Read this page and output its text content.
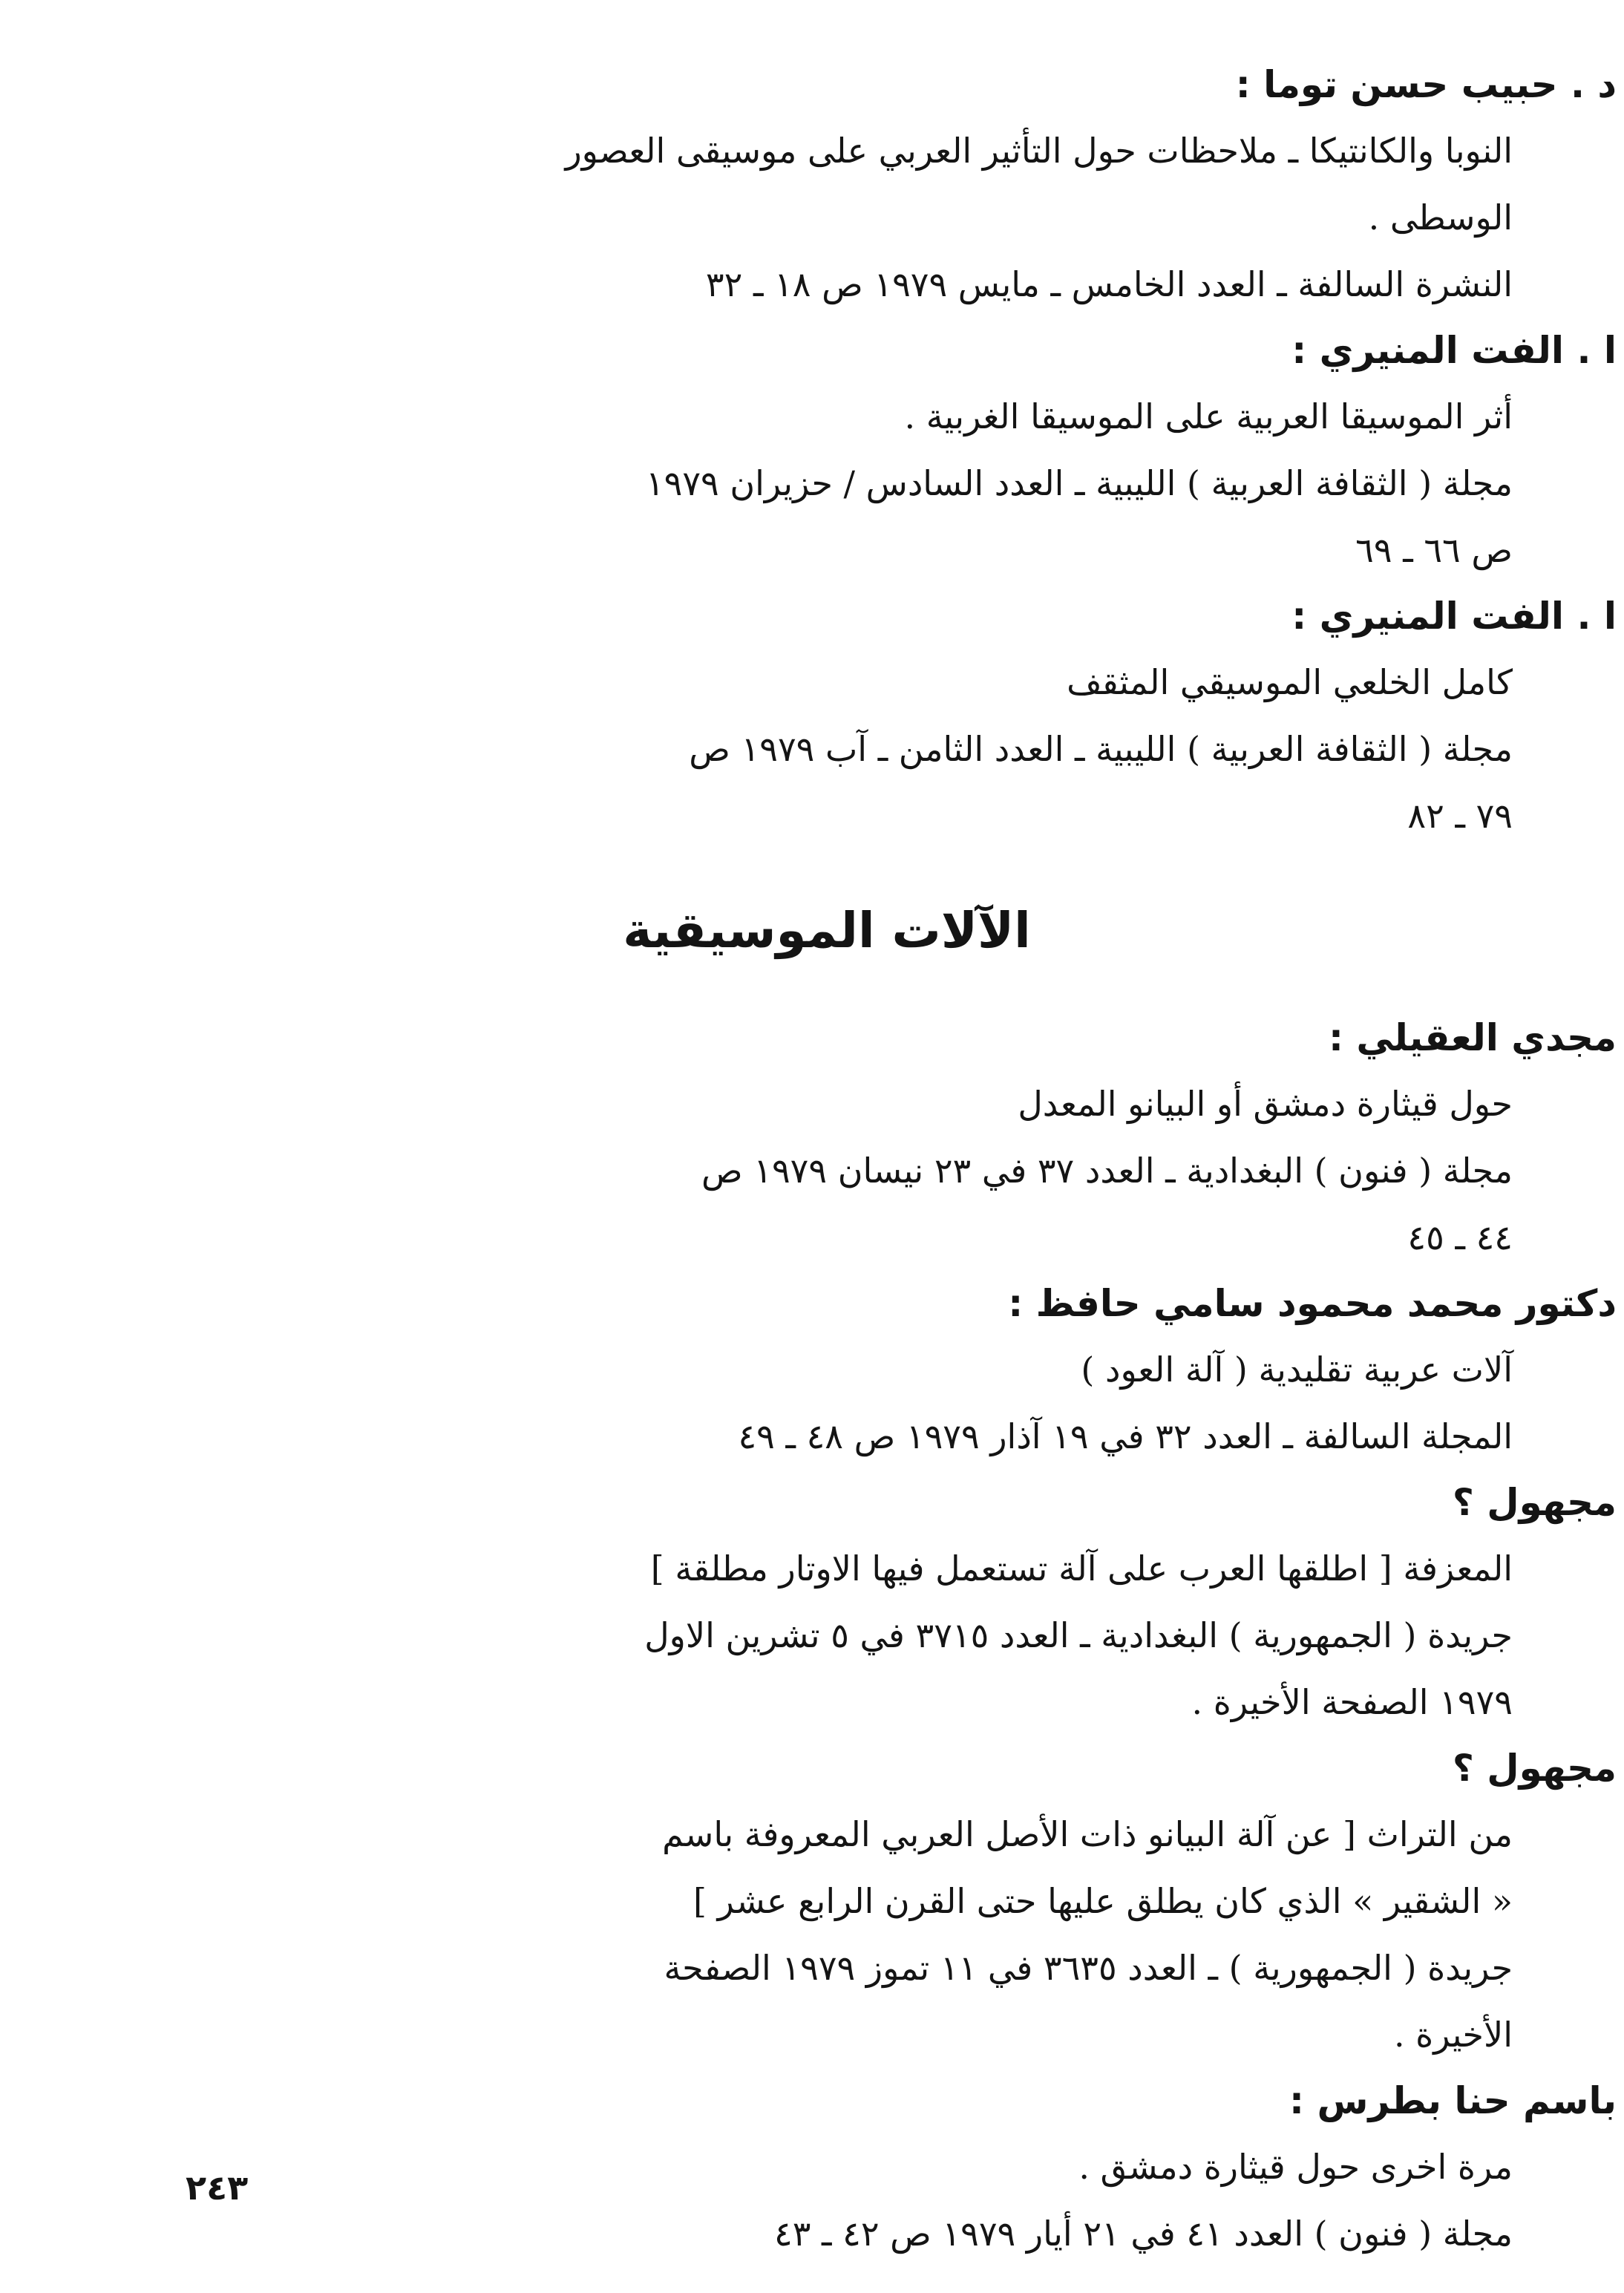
د . حبيب حسن توما :
النوبا والكانتيكا ـ ملاحظات حول التأثير العربي على موسيقى العصور
الوسطى .
النشرة السالفة ـ العدد الخامس ـ مايس ١٩٧٩ ص ١٨ ـ ٣٢
ا . الفت المنيري :
أثر الموسيقا العربية على الموسيقا الغربية .
مجلة ( الثقافة العربية ) الليبية ـ العدد السادس / حزيران ١٩٧٩
ص ٦٦ ـ ٦٩
ا . الفت المنيري :
كامل الخلعي الموسيقي المثقف
مجلة ( الثقافة العربية ) الليبية ـ العدد الثامن ـ آب ١٩٧٩ ص
٧٩ ـ ٨٢
الآلات الموسيقية
مجدي العقيلي :
حول قيثارة دمشق أو البيانو المعدل
مجلة ( فنون ) البغدادية ـ العدد ٣٧ في ٢٣ نيسان ١٩٧٩ ص
٤٤ ـ ٤٥
دكتور محمد محمود سامي حافظ :
آلات عربية تقليدية ( آلة العود )
المجلة السالفة ـ العدد ٣٢ في ١٩ آذار ١٩٧٩ ص ٤٨ ـ ٤٩
مجهول ؟
المعزفة [ اطلقها العرب على آلة تستعمل فيها الاوتار مطلقة ]
جريدة ( الجمهورية ) البغدادية ـ العدد ٣٧١٥ في ٥ تشرين الاول
١٩٧٩ الصفحة الأخيرة .
مجهول ؟
من التراث [ عن آلة البيانو ذات الأصل العربي المعروفة باسم
« الشقير » الذي كان يطلق عليها حتى القرن الرابع عشر ]
جريدة ( الجمهورية ) ـ العدد ٣٦٣٥ في ١١ تموز ١٩٧٩ الصفحة
الأخيرة .
باسم حنا بطرس :
مرة اخرى حول قيثارة دمشق .
مجلة ( فنون ) العدد ٤١ في ٢١ أيار ١٩٧٩ ص ٤٢ ـ ٤٣
٢٤٣
